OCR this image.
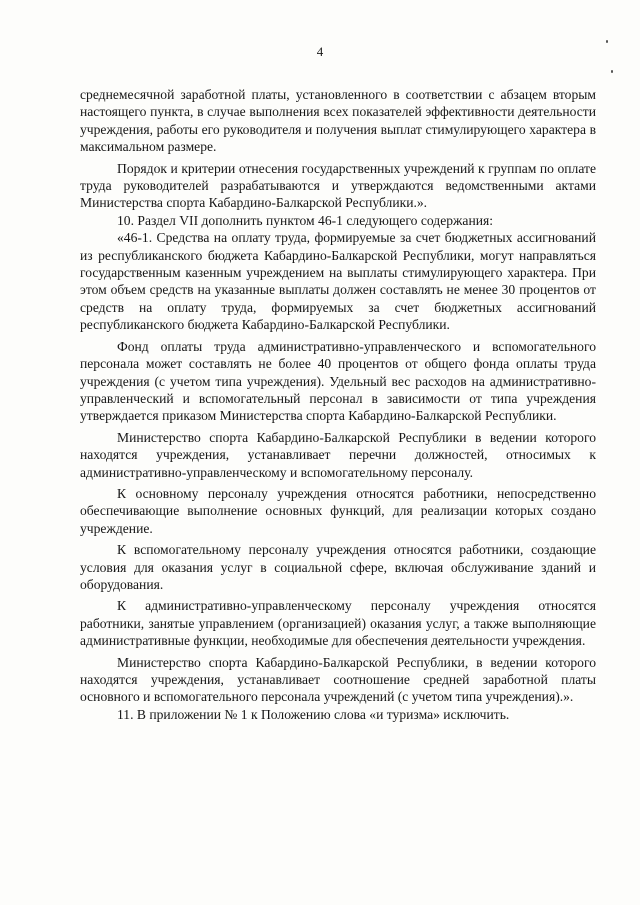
4

среднемесячной заработной платы, установленного в соответствии с абзацем вторым настоящего пункта, в случае выполнения всех показателей эффективности деятельности учреждения, работы его руководителя и получения выплат стимулирующего характера в максимальном размере.

Порядок и критерии отнесения государственных учреждений к группам по оплате труда руководителей разрабатываются и утверждаются ведомственными актами Министерства спорта Кабардино-Балкарской Республики.».

10. Раздел VII дополнить пунктом 46-1 следующего содержания:

«46-1. Средства на оплату труда, формируемые за счет бюджетных ассигнований из республиканского бюджета Кабардино-Балкарской Республики, могут направляться государственным казенным учреждением на выплаты стимулирующего характера. При этом объем средств на указанные выплаты должен составлять не менее 30 процентов от средств на оплату труда, формируемых за счет бюджетных ассигнований республиканского бюджета Кабардино-Балкарской Республики.

Фонд оплаты труда административно-управленческого и вспомогательного персонала может составлять не более 40 процентов от общего фонда оплаты труда учреждения (с учетом типа учреждения). Удельный вес расходов на административно-управленческий и вспомогательный персонал в зависимости от типа учреждения утверждается приказом Министерства спорта Кабардино-Балкарской Республики.

Министерство спорта Кабардино-Балкарской Республики в ведении которого находятся учреждения, устанавливает перечни должностей, относимых к административно-управленческому и вспомогательному персоналу.

К основному персоналу учреждения относятся работники, непосредственно обеспечивающие выполнение основных функций, для реализации которых создано учреждение.

К вспомогательному персоналу учреждения относятся работники, создающие условия для оказания услуг в социальной сфере, включая обслуживание зданий и оборудования.

К административно-управленческому персоналу учреждения относятся работники, занятые управлением (организацией) оказания услуг, а также выполняющие административные функции, необходимые для обеспечения деятельности учреждения.

Министерство спорта Кабардино-Балкарской Республики, в ведении которого находятся учреждения, устанавливает соотношение средней заработной платы основного и вспомогательного персонала учреждений (с учетом типа учреждения).».

11. В приложении № 1 к Положению слова «и туризма» исключить.
